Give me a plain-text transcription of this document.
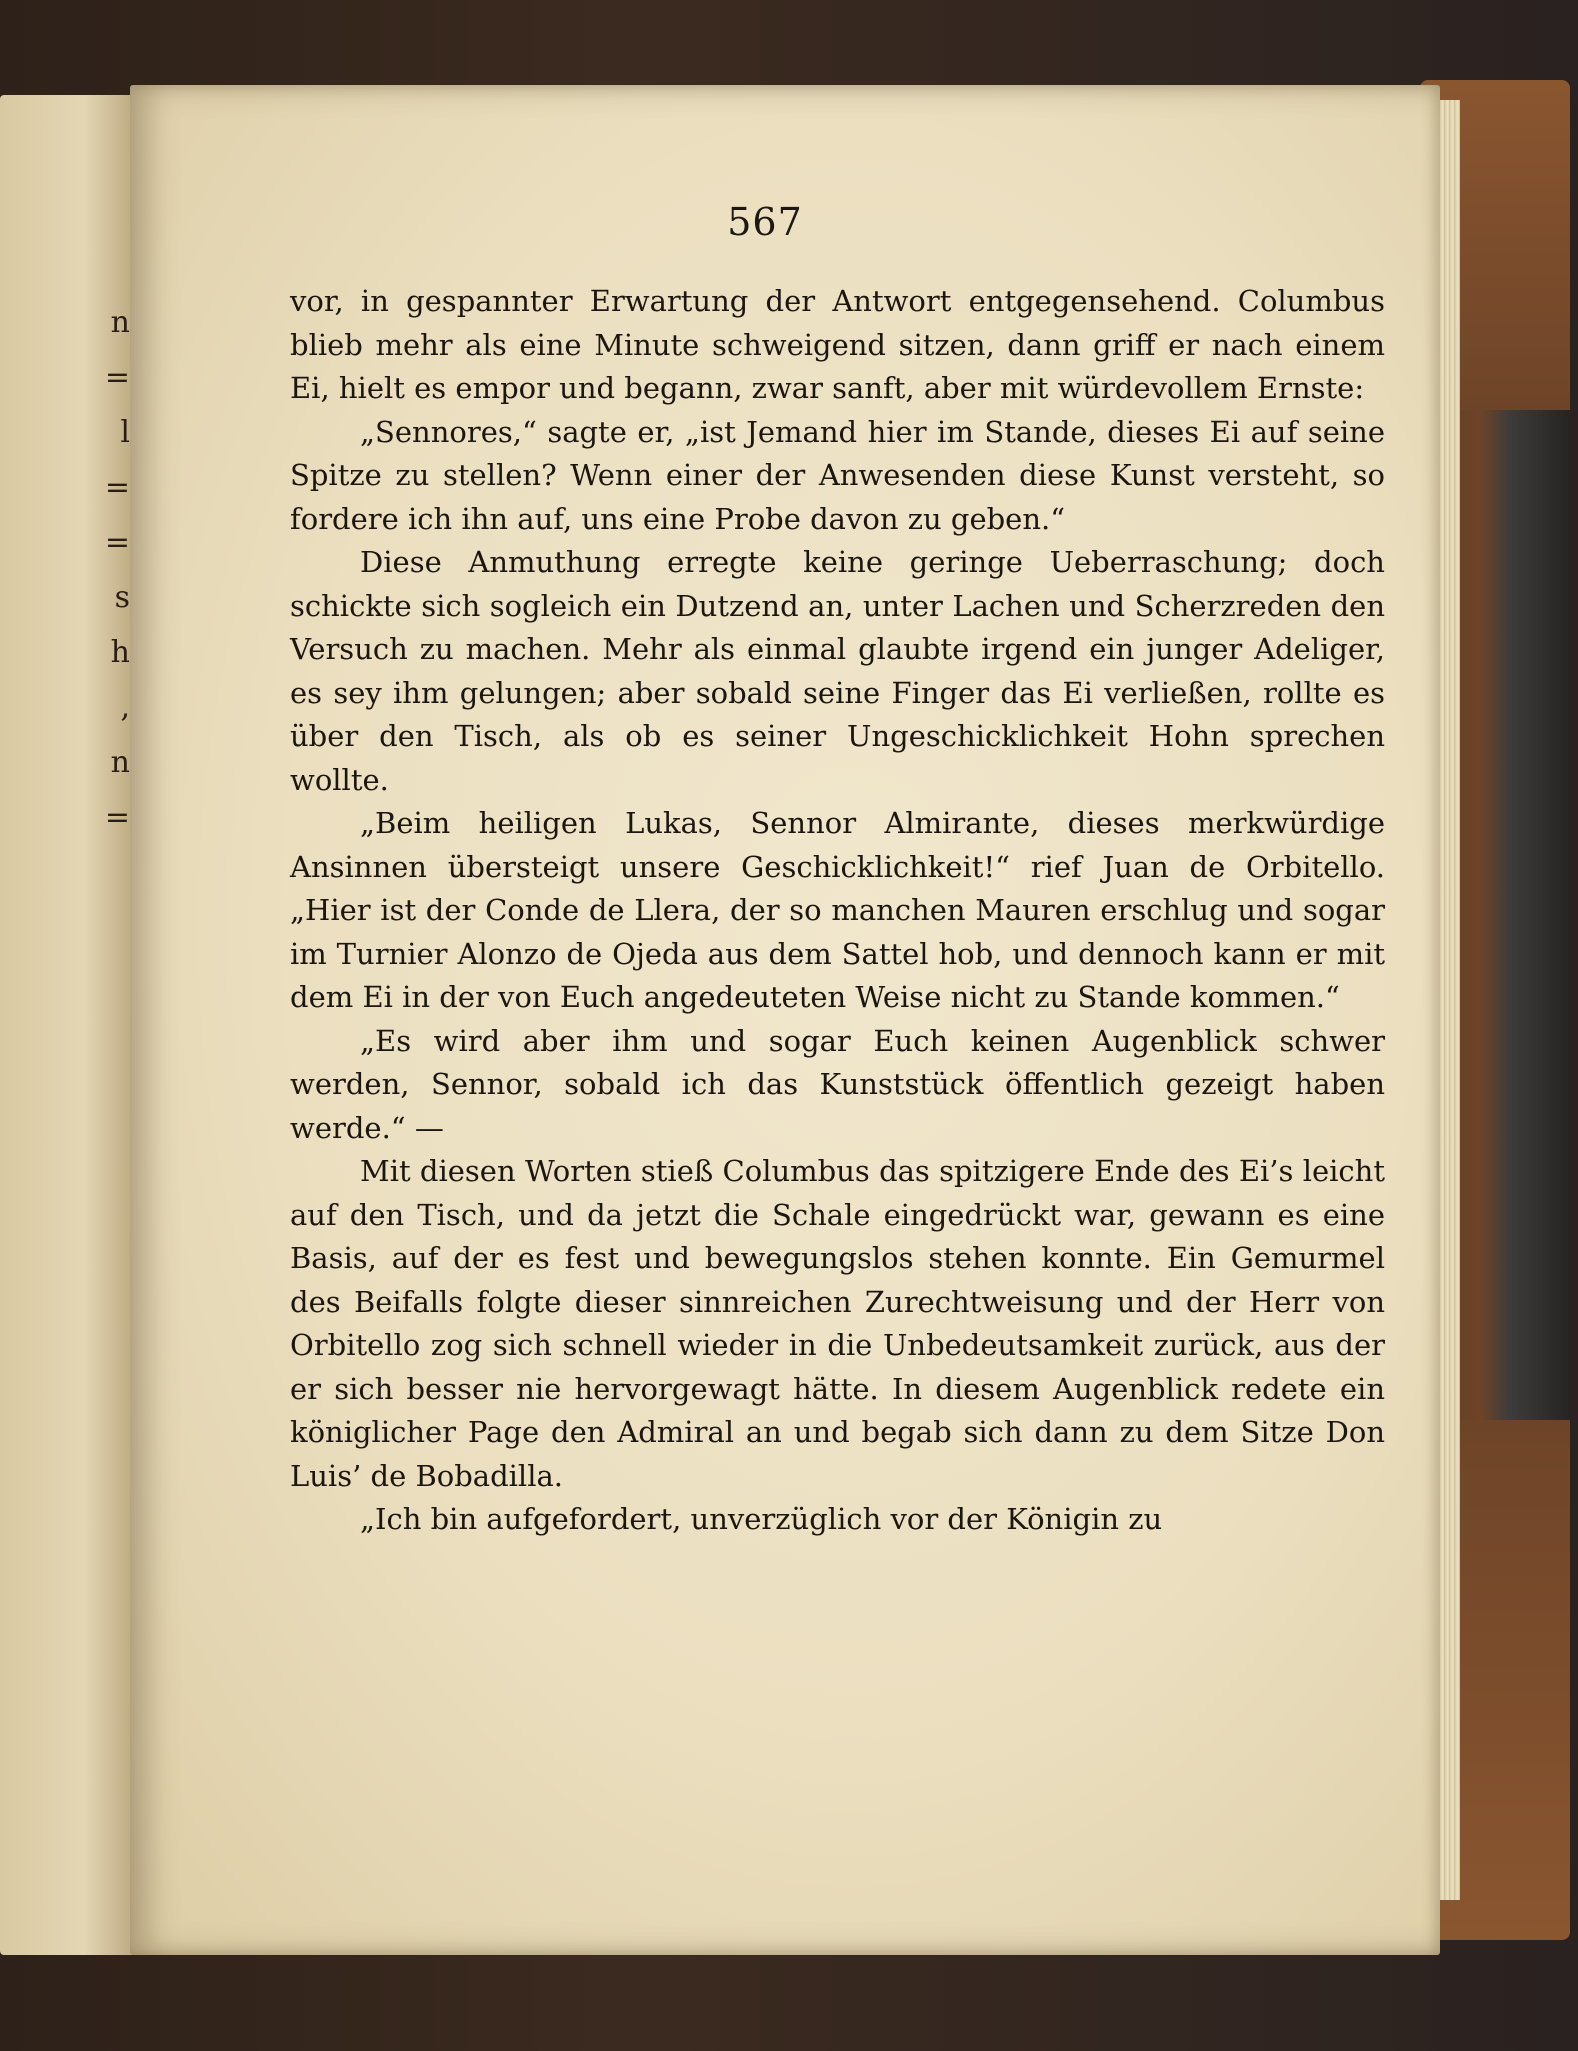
n
=
l
=
=
s
h
,
n
=
567

vor, in gespannter Erwartung der Antwort entgegensehend. Columbus blieb mehr als eine Minute schweigend sitzen, dann griff er nach einem Ei, hielt es empor und begann, zwar sanft, aber mit würdevollem Ernste:

„Sennores,“ sagte er, „ist Jemand hier im Stande, dieses Ei auf seine Spitze zu stellen? Wenn einer der Anwesenden diese Kunst versteht, so fordere ich ihn auf, uns eine Probe davon zu geben.“

Diese Anmuthung erregte keine geringe Ueberraschung; doch schickte sich sogleich ein Dutzend an, unter Lachen und Scherzreden den Versuch zu machen. Mehr als einmal glaubte irgend ein junger Adeliger, es sey ihm gelungen; aber sobald seine Finger das Ei verließen, rollte es über den Tisch, als ob es seiner Ungeschicklichkeit Hohn sprechen wollte.

„Beim heiligen Lukas, Sennor Almirante, dieses merkwürdige Ansinnen übersteigt unsere Geschicklichkeit!“ rief Juan de Orbitello. „Hier ist der Conde de Llera, der so manchen Mauren erschlug und sogar im Turnier Alonzo de Ojeda aus dem Sattel hob, und dennoch kann er mit dem Ei in der von Euch angedeuteten Weise nicht zu Stande kommen.“

„Es wird aber ihm und sogar Euch keinen Augenblick schwer werden, Sennor, sobald ich das Kunststück öffentlich gezeigt haben werde.“ —

Mit diesen Worten stieß Columbus das spitzigere Ende des Ei’s leicht auf den Tisch, und da jetzt die Schale eingedrückt war, gewann es eine Basis, auf der es fest und bewegungslos stehen konnte. Ein Gemurmel des Beifalls folgte dieser sinnreichen Zurechtweisung und der Herr von Orbitello zog sich schnell wieder in die Unbedeutsamkeit zurück, aus der er sich besser nie hervorgewagt hätte. In diesem Augenblick redete ein königlicher Page den Admiral an und begab sich dann zu dem Sitze Don Luis’ de Bobadilla.

„Ich bin aufgefordert, unverzüglich vor der Königin zu
